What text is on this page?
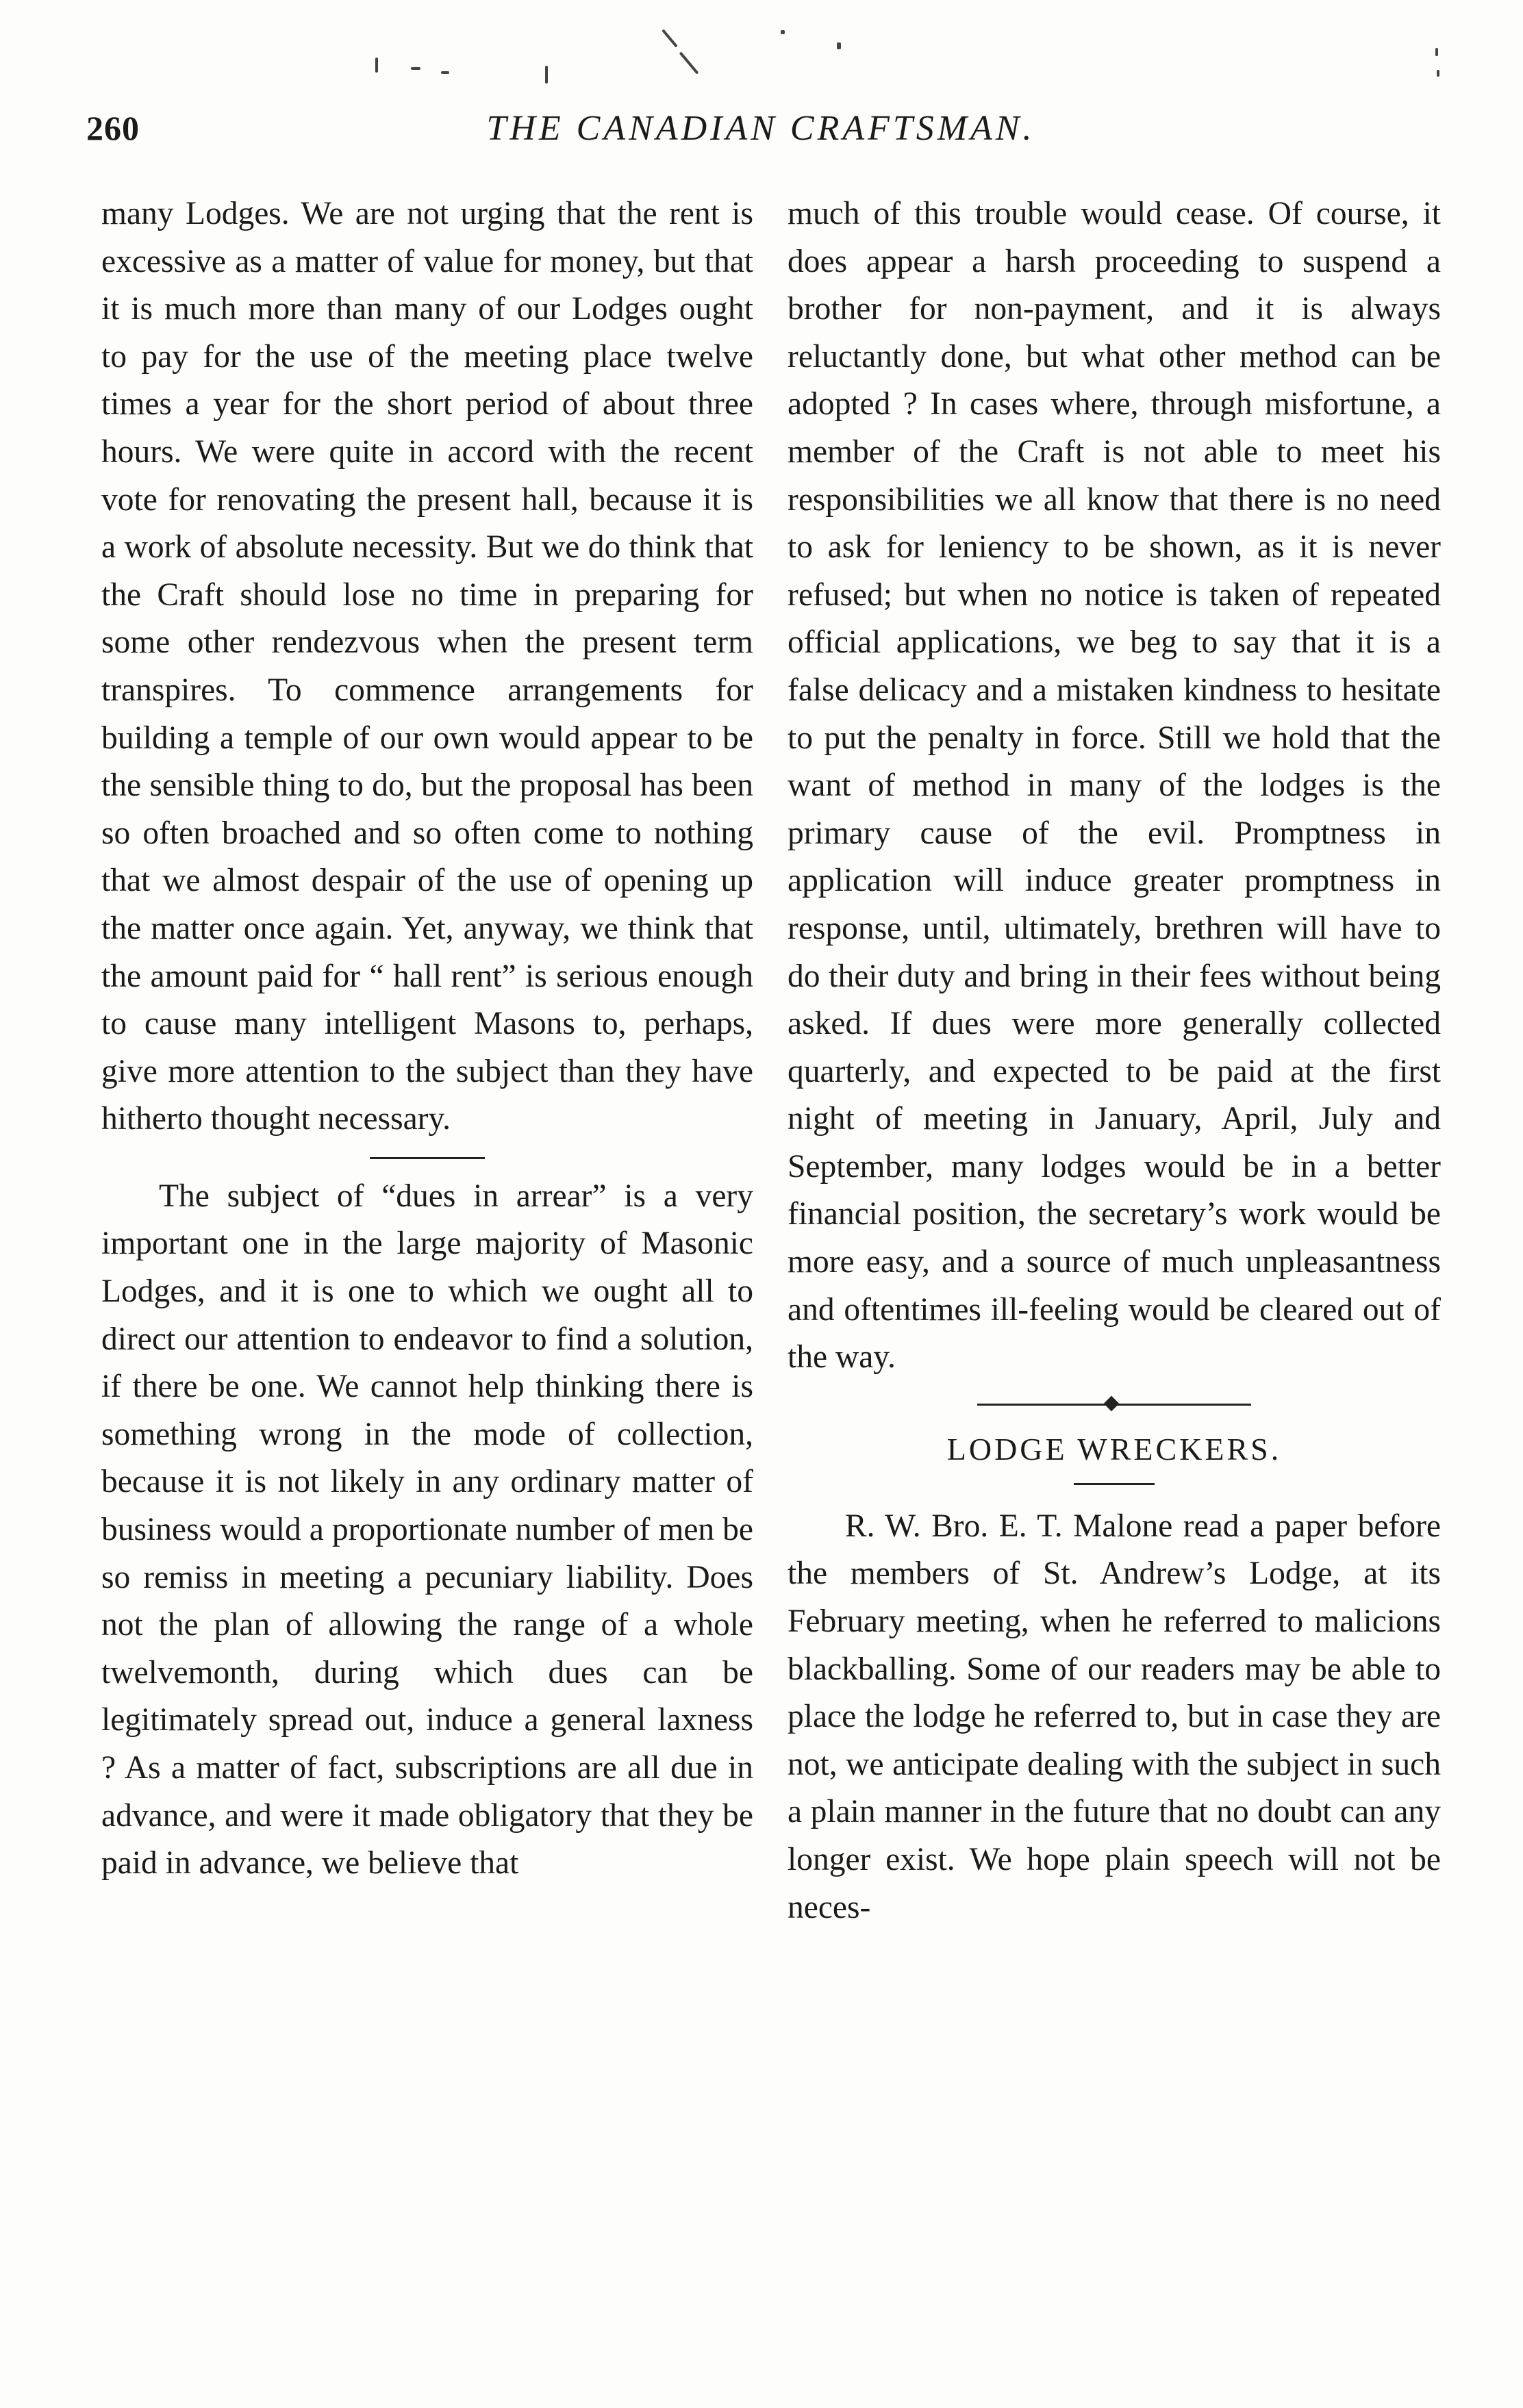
260	THE CANADIAN CRAFTSMAN.

many Lodges. We are not urging that the rent is excessive as a matter of value for money, but that it is much more than many of our Lodges ought to pay for the use of the meeting place twelve times a year for the short period of about three hours. We were quite in accord with the recent vote for renovating the present hall, because it is a work of absolute necessity. But we do think that the Craft should lose no time in preparing for some other rendezvous when the present term transpires. To commence arrangements for building a temple of our own would appear to be the sensible thing to do, but the proposal has been so often broached and so often come to nothing that we almost despair of the use of opening up the matter once again. Yet, anyway, we think that the amount paid for “ hall rent” is serious enough to cause many intelligent Masons to, perhaps, give more attention to the subject than they have hitherto thought necessary.

The subject of “dues in arrear” is a very important one in the large majority of Masonic Lodges, and it is one to which we ought all to direct our attention to endeavor to find a solution, if there be one. We cannot help thinking there is something wrong in the mode of collection, because it is not likely in any ordinary matter of business would a proportionate number of men be so remiss in meeting a pecuniary liability. Does not the plan of allowing the range of a whole twelvemonth, during which dues can be legitimately spread out, induce a general laxness ? As a matter of fact, subscriptions are all due in advance, and were it made obligatory that they be paid in advance, we believe that

much of this trouble would cease. Of course, it does appear a harsh proceeding to suspend a brother for non-payment, and it is always reluctantly done, but what other method can be adopted ? In cases where, through misfortune, a member of the Craft is not able to meet his responsibilities we all know that there is no need to ask for leniency to be shown, as it is never refused; but when no notice is taken of repeated official applications, we beg to say that it is a false delicacy and a mistaken kindness to hesitate to put the penalty in force. Still we hold that the want of method in many of the lodges is the primary cause of the evil. Promptness in application will induce greater promptness in response, until, ultimately, brethren will have to do their duty and bring in their fees without being asked. If dues were more generally collected quarterly, and expected to be paid at the first night of meeting in January, April, July and September, many lodges would be in a better financial position, the secretary’s work would be more easy, and a source of much unpleasantness and oftentimes ill-feeling would be cleared out of the way.

LODGE WRECKERS.

R. W. Bro. E. T. Malone read a paper before the members of St. Andrew’s Lodge, at its February meeting, when he referred to malicions blackballing. Some of our readers may be able to place the lodge he referred to, but in case they are not, we anticipate dealing with the subject in such a plain manner in the future that no doubt can any longer exist. We hope plain speech will not be neces-
